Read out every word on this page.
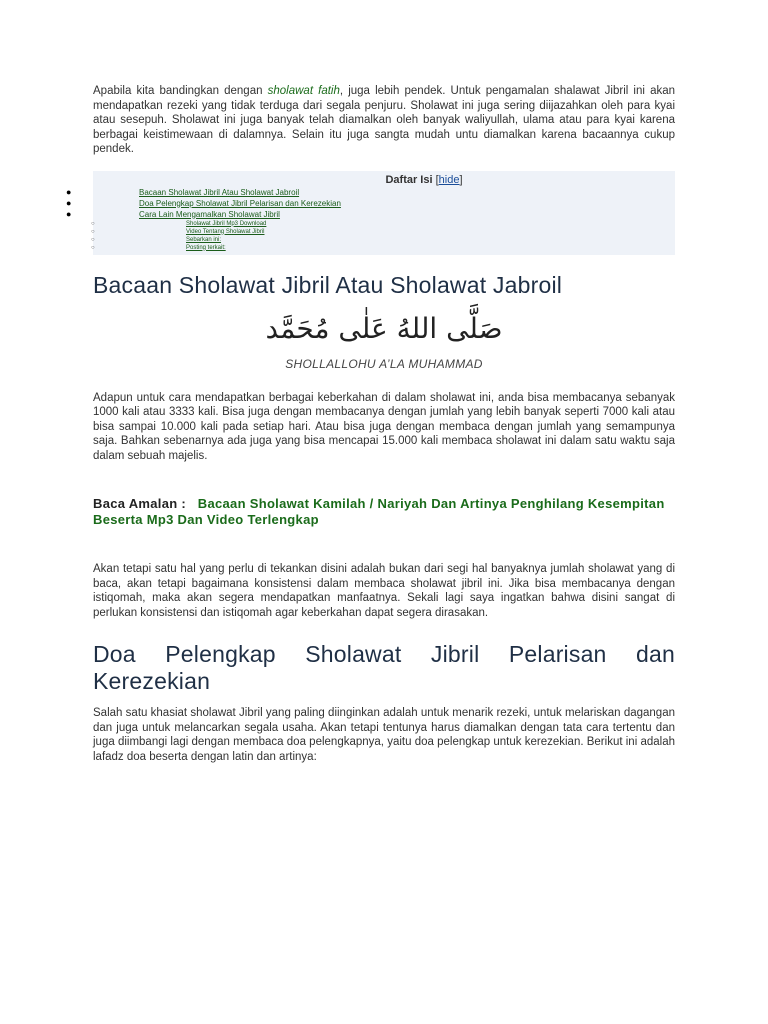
Apabila kita bandingkan dengan sholawat fatih, juga lebih pendek. Untuk pengamalan shalawat Jibril ini akan mendapatkan rezeki yang tidak terduga dari segala penjuru. Sholawat ini juga sering diijazahkan oleh para kyai atau sesepuh. Sholawat ini juga banyak telah diamalkan oleh banyak waliyullah, ulama atau para kyai karena berbagai keistimewaan di dalamnya. Selain itu juga sangta mudah untu diamalkan karena bacaannya cukup pendek.

Daftar Isi [hide]
●	Bacaan Sholawat Jibril Atau Sholawat Jabroil
●	Doa Pelengkap Sholawat Jibril Pelarisan dan Kerezekian
●	Cara Lain Mengamalkan Sholawat Jibril
○	Sholawat Jibril Mp3 Download
○	Video Tentang Sholawat Jibril
○	Sebarkan ini:
○	Posting terkait:
Bacaan Sholawat Jibril Atau Sholawat Jabroil
صَلَّى اللهُ عَلٰى مُحَمَّد
SHOLLALLOHU A’LA MUHAMMAD

Adapun untuk cara mendapatkan berbagai keberkahan di dalam sholawat ini, anda bisa membacanya sebanyak 1000 kali atau 3333 kali. Bisa juga dengan membacanya dengan jumlah yang lebih banyak seperti 7000 kali atau bisa sampai 10.000 kali pada setiap hari. Atau bisa juga dengan membaca dengan jumlah yang semampunya saja. Bahkan sebenarnya ada juga yang bisa mencapai 15.000 kali membaca sholawat ini dalam satu waktu saja dalam sebuah majelis.

Baca Amalan : Bacaan Sholawat Kamilah / Nariyah Dan Artinya Penghilang Kesempitan Beserta Mp3 Dan Video Terlengkap

Akan tetapi satu hal yang perlu di tekankan disini adalah bukan dari segi hal banyaknya jumlah sholawat yang di baca, akan tetapi bagaimana konsistensi dalam membaca sholawat jibril ini. Jika bisa membacanya dengan istiqomah, maka akan segera mendapatkan manfaatnya. Sekali lagi saya ingatkan bahwa disini sangat di perlukan konsistensi dan istiqomah agar keberkahan dapat segera dirasakan.

Doa Pelengkap Sholawat Jibril Pelarisan dan Kerezekian

Salah satu khasiat sholawat Jibril yang paling diinginkan adalah untuk menarik rezeki, untuk melariskan dagangan dan juga untuk melancarkan segala usaha. Akan tetapi tentunya harus diamalkan dengan tata cara tertentu dan juga diimbangi lagi dengan membaca doa pelengkapnya, yaitu doa pelengkap untuk kerezekian. Berikut ini adalah lafadz doa beserta dengan latin dan artinya:
